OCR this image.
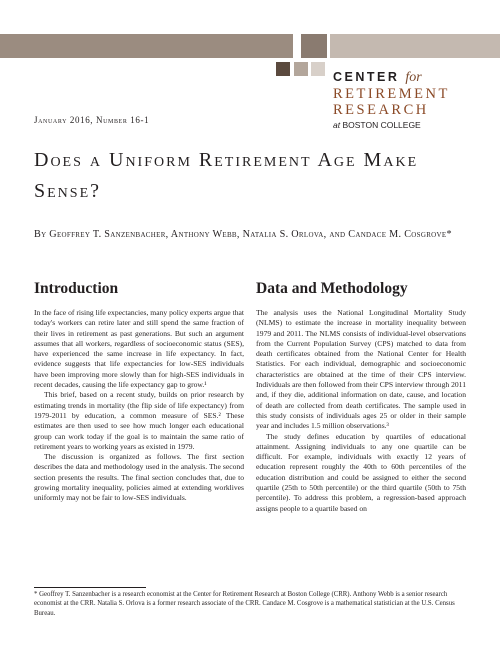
CENTER for
RETIREMENT
RESEARCH
at BOSTON COLLEGE
January 2016, Number 16-1
Does a Uniform Retirement Age Make Sense?
By Geoffrey T. Sanzenbacher, Anthony Webb, Natalia S. Orlova, and Candace M. Cosgrove*
Introduction

In the face of rising life expectancies, many policy experts argue that today's workers can retire later and still spend the same fraction of their lives in retirement as past generations. But such an argument assumes that all workers, regardless of socioeconomic status (SES), have experienced the same increase in life expectancy. In fact, evidence suggests that life expectancies for low-SES individuals have been improving more slowly than for high-SES individuals in recent decades, causing the life expectancy gap to grow.¹

This brief, based on a recent study, builds on prior research by estimating trends in mortality (the flip side of life expectancy) from 1979-2011 by education, a common measure of SES.² These estimates are then used to see how much longer each educational group can work today if the goal is to maintain the same ratio of retirement years to working years as existed in 1979.

The discussion is organized as follows. The first section describes the data and methodology used in the analysis. The second section presents the results. The final section concludes that, due to growing mortality inequality, policies aimed at extending worklives uniformly may not be fair to low-SES individuals.

Data and Methodology

The analysis uses the National Longitudinal Mortality Study (NLMS) to estimate the increase in mortality inequality between 1979 and 2011. The NLMS consists of individual-level observations from the Current Population Survey (CPS) matched to data from death certificates obtained from the National Center for Health Statistics. For each individual, demographic and socioeconomic characteristics are obtained at the time of their CPS interview. Individuals are then followed from their CPS interview through 2011 and, if they die, additional information on date, cause, and location of death are collected from death certificates. The sample used in this study consists of individuals ages 25 or older in their sample year and includes 1.5 million observations.³

The study defines education by quartiles of educational attainment. Assigning individuals to any one quartile can be difficult. For example, individuals with exactly 12 years of education represent roughly the 40th to 60th percentiles of the education distribution and could be assigned to either the second quartile (25th to 50th percentile) or the third quartile (50th to 75th percentile). To address this problem, a regression-based approach assigns people to a quartile based on

* Geoffrey T. Sanzenbacher is a research economist at the Center for Retirement Research at Boston College (CRR). Anthony Webb is a senior research economist at the CRR. Natalia S. Orlova is a former research associate of the CRR. Candace M. Cosgrove is a mathematical statistician at the U.S. Census Bureau.
